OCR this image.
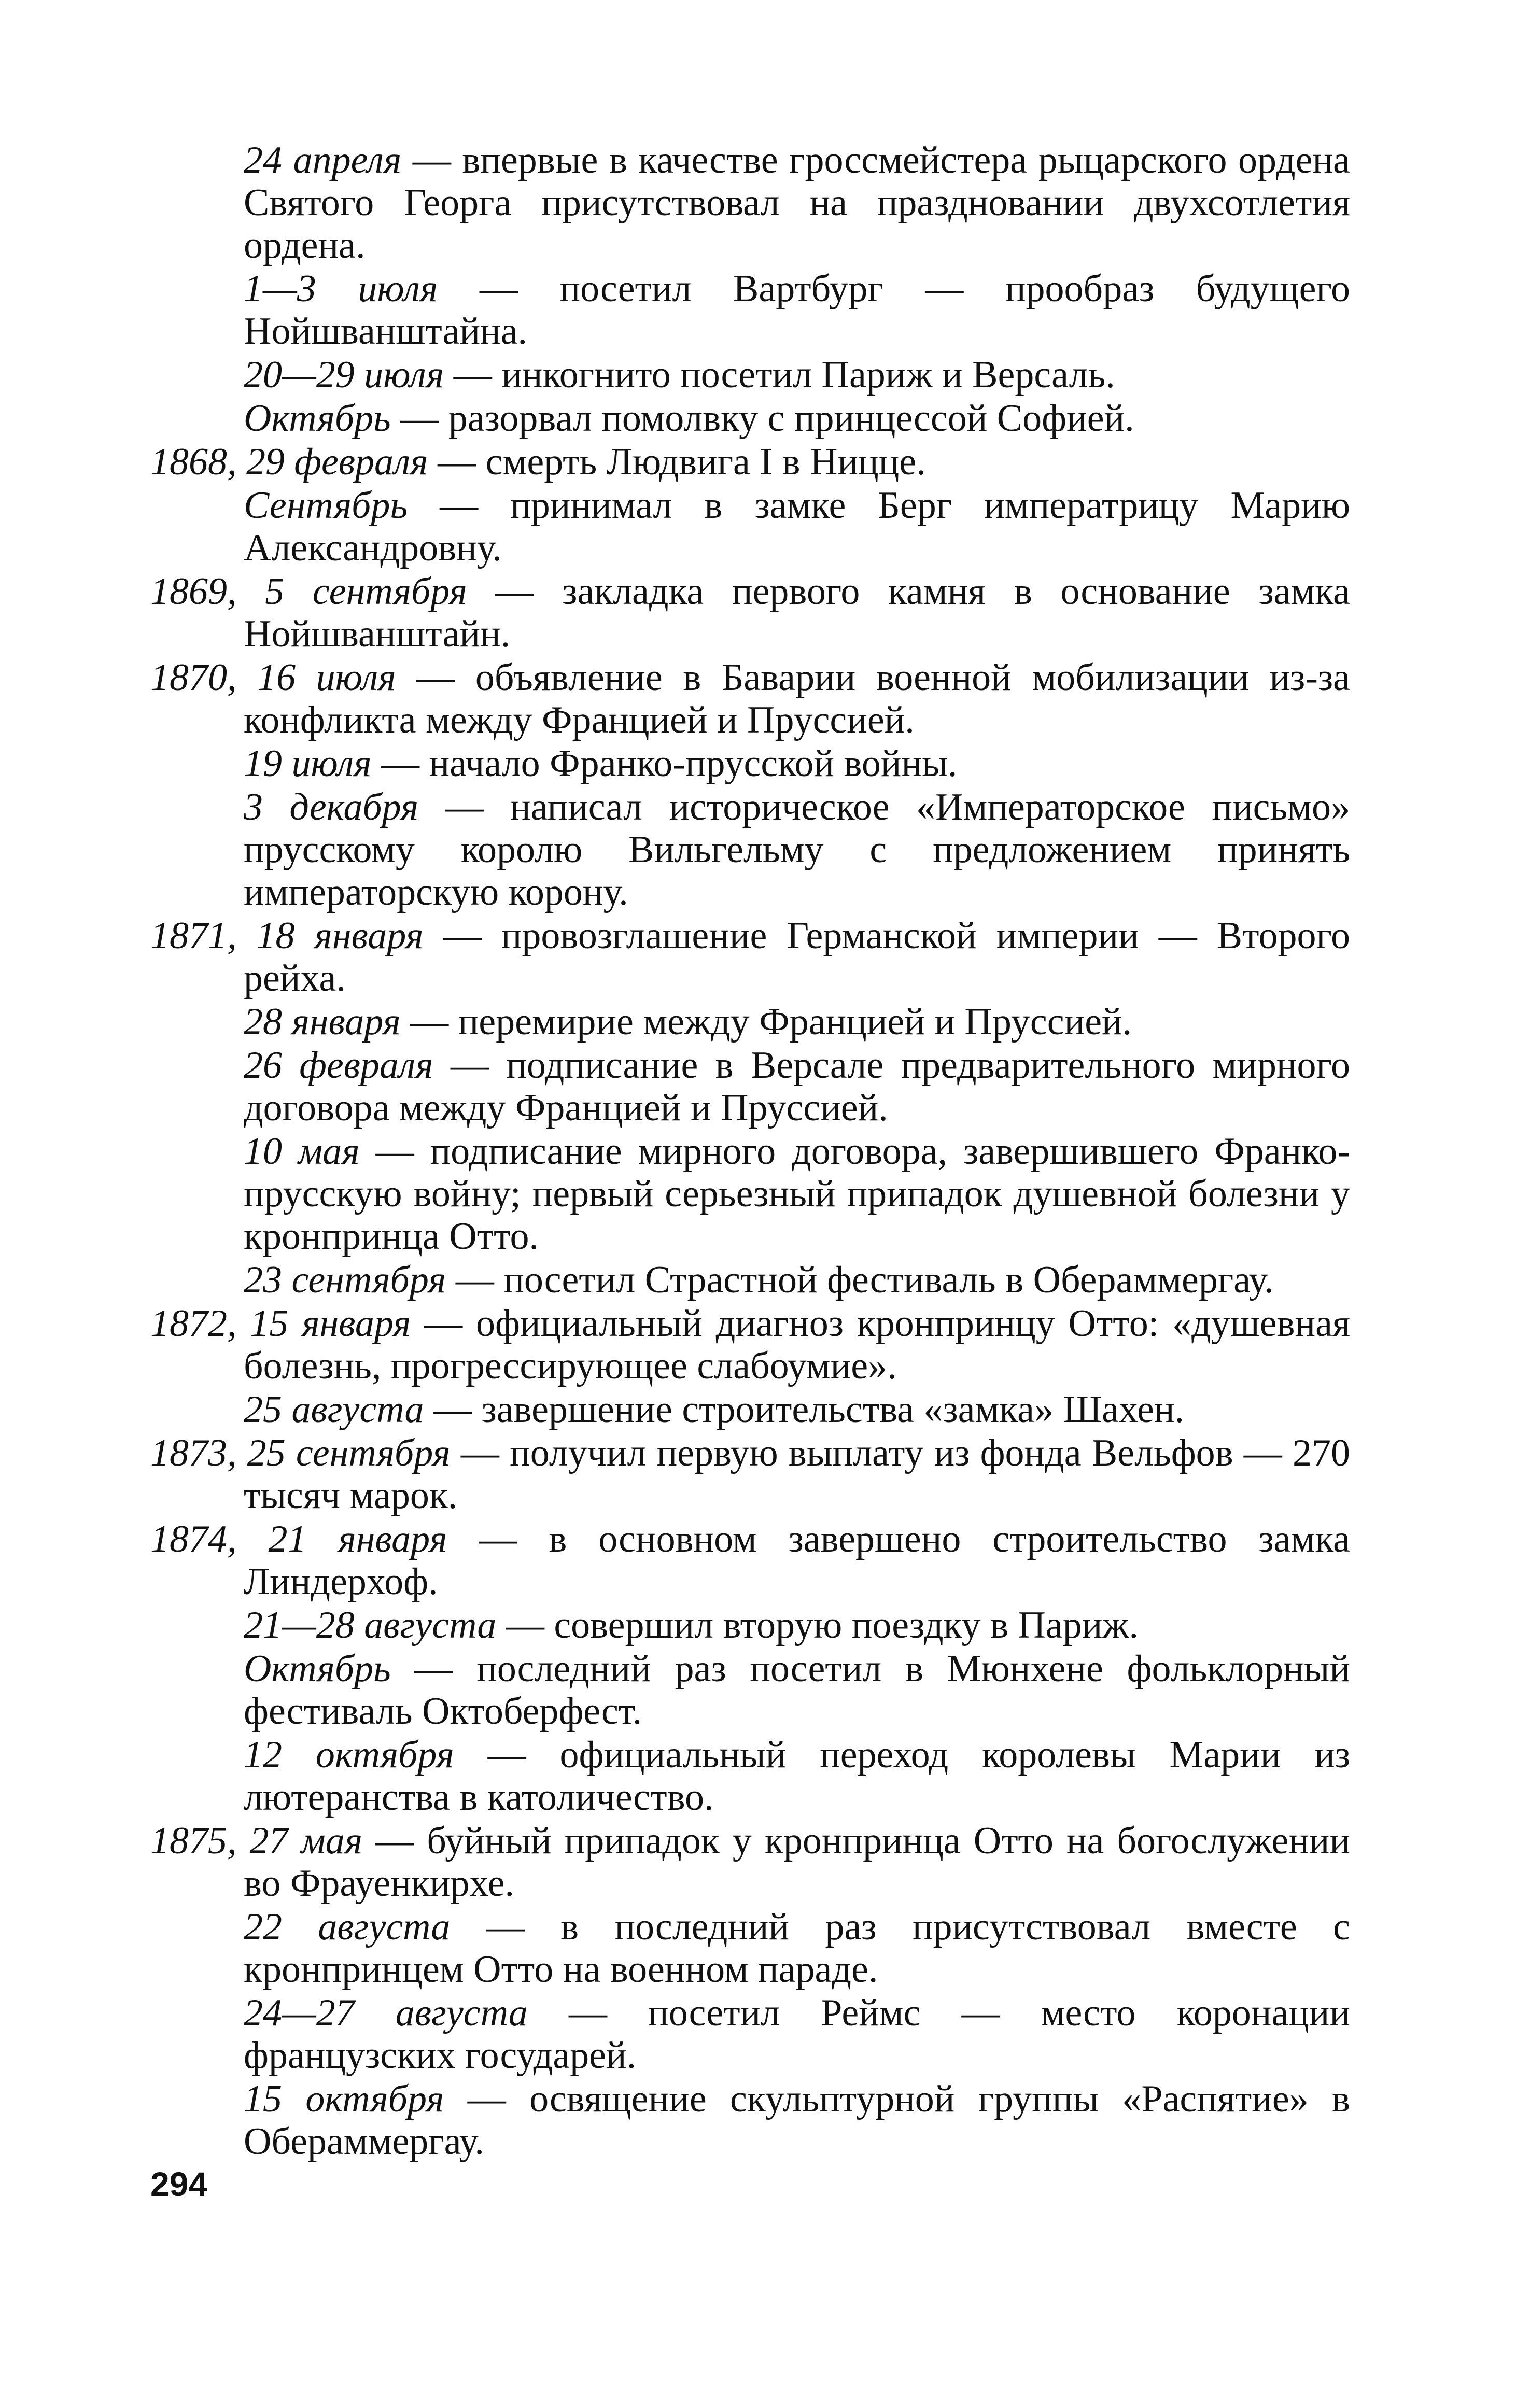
24 апреля — впервые в качестве гроссмейстера рыцарского ордена Святого Георга присутствовал на праздновании двухсотлетия ордена.

1—3 июля — посетил Вартбург — прообраз будущего Нойшванштайна.

20—29 июля — инкогнито посетил Париж и Версаль.

Октябрь — разорвал помолвку с принцессой Софией.

1868, 29 февраля — смерть Людвига I в Ницце.

Сентябрь — принимал в замке Берг императрицу Марию Александровну.

1869, 5 сентября — закладка первого камня в основание замка Нойшванштайн.

1870, 16 июля — объявление в Баварии военной мобилизации из-за конфликта между Францией и Пруссией.

19 июля — начало Франко-прусской войны.

3 декабря — написал историческое «Императорское письмо» прусскому королю Вильгельму с предложением принять императорскую корону.

1871, 18 января — провозглашение Германской империи — Второго рейха.

28 января — перемирие между Францией и Пруссией.

26 февраля — подписание в Версале предварительного мирного договора между Францией и Пруссией.

10 мая — подписание мирного договора, завершившего Франко-прусскую войну; первый серьезный припадок душевной болезни у кронпринца Отто.

23 сентября — посетил Страстной фестиваль в Обераммергау.

1872, 15 января — официальный диагноз кронпринцу Отто: «душевная болезнь, прогрессирующее слабоумие».

25 августа — завершение строительства «замка» Шахен.

1873, 25 сентября — получил первую выплату из фонда Вельфов — 270 тысяч марок.

1874, 21 января — в основном завершено строительство замка Линдерхоф.

21—28 августа — совершил вторую поездку в Париж.

Октябрь — последний раз посетил в Мюнхене фольклорный фестиваль Октоберфест.

12 октября — официальный переход королевы Марии из лютеранства в католичество.

1875, 27 мая — буйный припадок у кронпринца Отто на богослужении во Фрауенкирхе.

22 августа — в последний раз присутствовал вместе с кронпринцем Отто на военном параде.

24—27 августа — посетил Реймс — место коронации французских государей.

15 октября — освящение скульптурной группы «Распятие» в Обераммергау.

294
